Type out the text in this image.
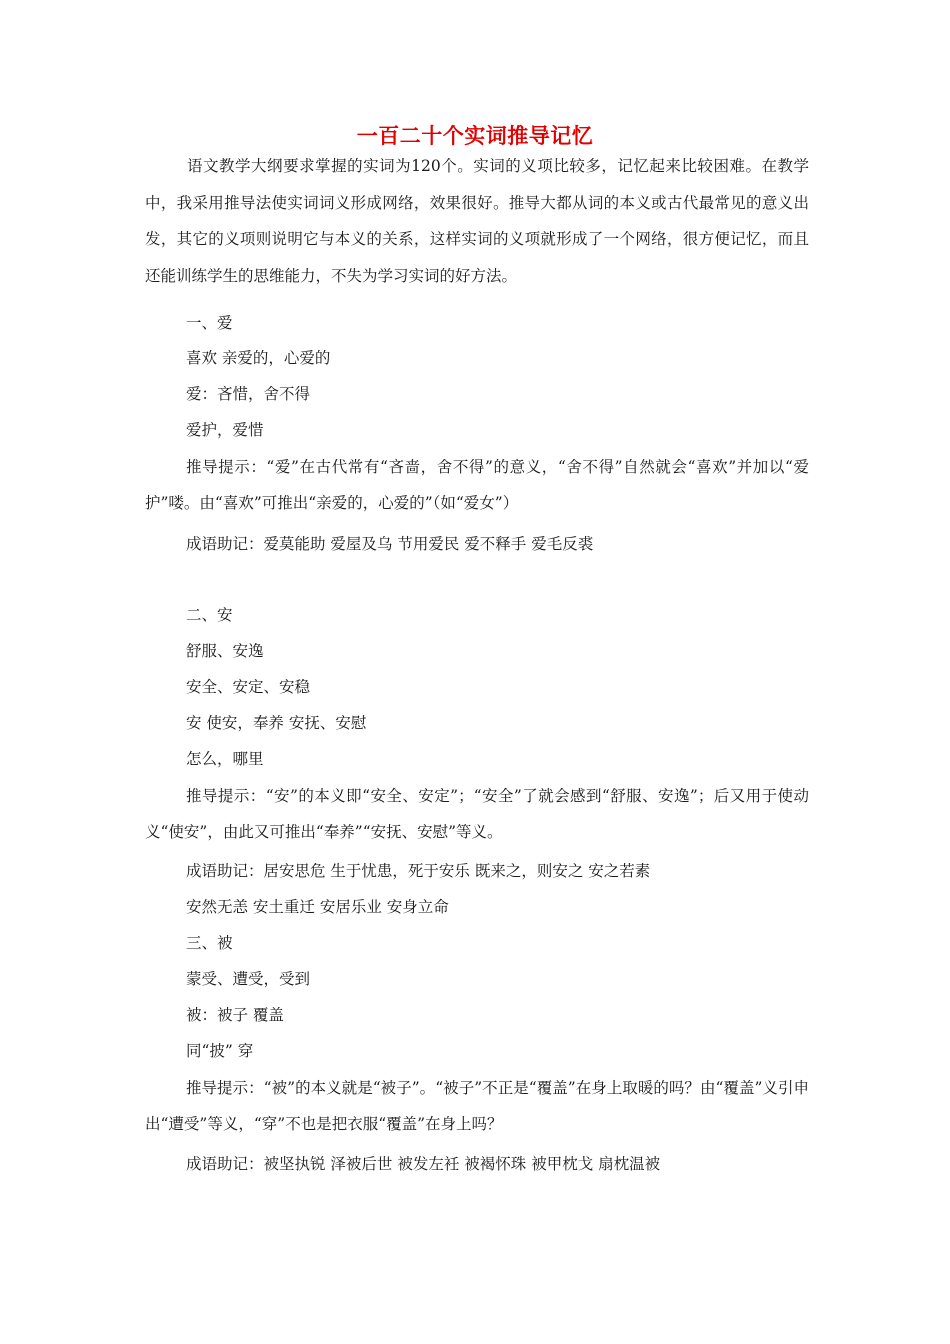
一百二十个实词推导记忆

语文教学大纲要求掌握的实词为120个。实词的义项比较多，记忆起来比较困难。在教学中，我采用推导法使实词词义形成网络，效果很好。推导大都从词的本义或古代最常见的意义出发，其它的义项则说明它与本义的关系，这样实词的义项就形成了一个网络，很方便记忆，而且还能训练学生的思维能力，不失为学习实词的好方法。

一、爱

喜欢 亲爱的，心爱的

爱：吝惜，舍不得

爱护，爱惜

推导提示：“爱”在古代常有“吝啬，舍不得”的意义，“舍不得”自然就会“喜欢”并加以“爱护”喽。由“喜欢”可推出“亲爱的，心爱的”（如“爱女”）

成语助记：爱莫能助 爱屋及乌 节用爱民 爱不释手 爱毛反裘

二、安

舒服、安逸

安全、安定、安稳

安 使安，奉养 安抚、安慰

怎么，哪里

推导提示：“安”的本义即“安全、安定”；“安全”了就会感到“舒服、安逸”；后又用于使动义“使安”，由此又可推出“奉养”“安抚、安慰”等义。

成语助记：居安思危 生于忧患，死于安乐 既来之，则安之 安之若素

安然无恙 安土重迁 安居乐业 安身立命

三、被

蒙受、遭受，受到

被：被子 覆盖

同“披” 穿

推导提示：“被”的本义就是“被子”。“被子”不正是“覆盖”在身上取暖的吗？由“覆盖”义引申出“遭受”等义，“穿”不也是把衣服“覆盖”在身上吗？

成语助记：被坚执锐 泽被后世 被发左衽 被褐怀珠 被甲枕戈 扇枕温被
